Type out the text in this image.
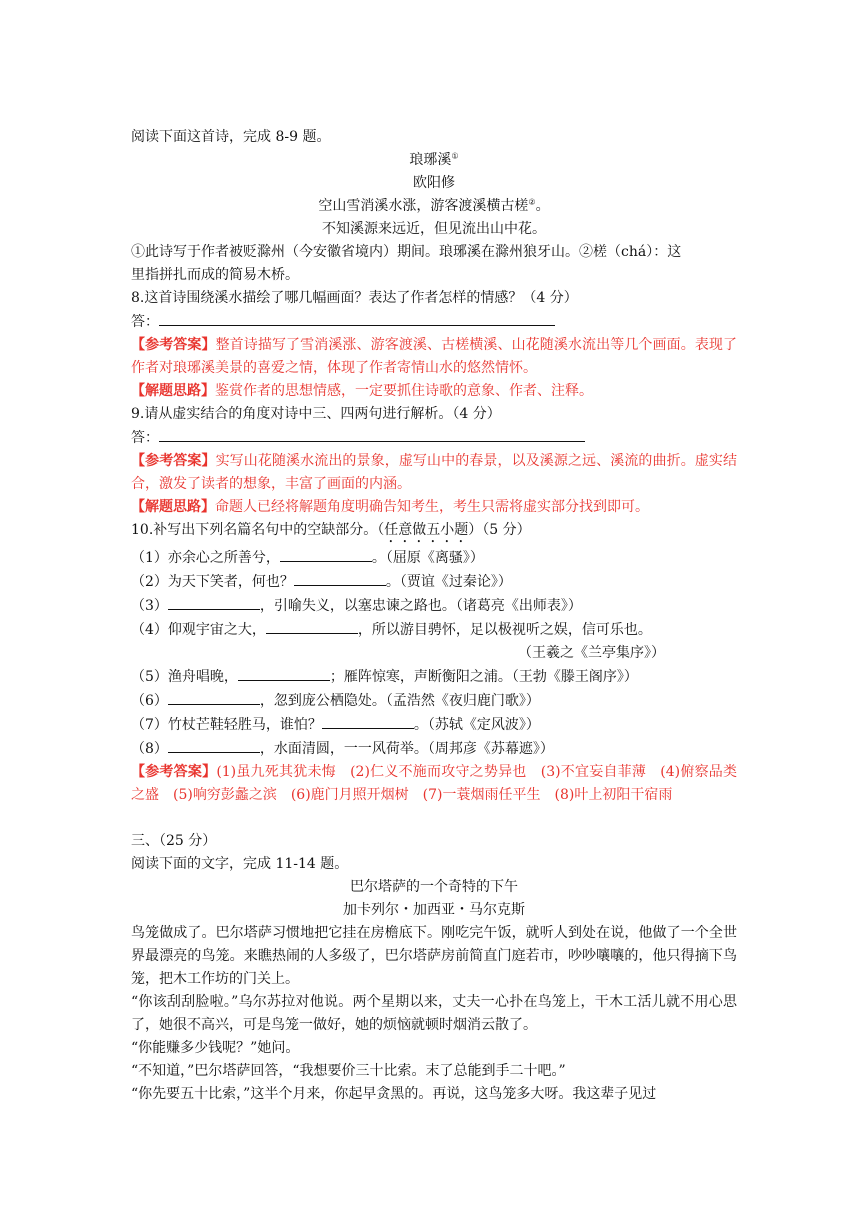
阅读下面这首诗，完成 8-9 题。
琅琊溪①
欧阳修
空山雪消溪水涨，游客渡溪横古槎②。
不知溪源来远近，但见流出山中花。
①此诗写于作者被贬滁州（今安徽省境内）期间。琅琊溪在滁州狼牙山。②槎（chá）：这
里指拼扎而成的简易木桥。
8.这首诗围绕溪水描绘了哪几幅画面？表达了作者怎样的情感？（4 分）
答：
【参考答案】整首诗描写了雪消溪涨、游客渡溪、古槎横溪、山花随溪水流出等几个画面。表现了作者对琅琊溪美景的喜爱之情，体现了作者寄情山水的悠然情怀。
【解题思路】鉴赏作者的思想情感，一定要抓住诗歌的意象、作者、注释。
9.请从虚实结合的角度对诗中三、四两句进行解析。（4 分）
答：
【参考答案】实写山花随溪水流出的景象，虚写山中的春景，以及溪源之远、溪流的曲折。虚实结合，激发了读者的想象，丰富了画面的内涵。
【解题思路】命题人已经将解题角度明确告知考生，考生只需将虚实部分找到即可。
10.补写出下列名篇名句中的空缺部分。（任意做五小题）（5 分）
（1）亦余心之所善兮，	。（屈原《离骚》）
（2）为天下笑者，何也？	。（贾谊《过秦论》）
（3）	，引喻失义，以塞忠谏之路也。（诸葛亮《出师表》）
（4）仰观宇宙之大，	，所以游目骋怀，足以极视听之娱，信可乐也。
（王羲之《兰亭集序》）
（5）渔舟唱晚，	；雁阵惊寒，声断衡阳之浦。（王勃《滕王阁序》）
（6）	，忽到庞公栖隐处。（孟浩然《夜归鹿门歌》）
（7）竹杖芒鞋轻胜马，谁怕？	。（苏轼《定风波》）
（8）	，水面清圆，一一风荷举。（周邦彦《苏幕遮》）
【参考答案】(1)虽九死其犹未悔　(2)仁义不施而攻守之势异也　(3)不宜妄自菲薄　(4)俯察品类之盛　(5)响穷彭蠡之滨　(6)鹿门月照开烟树　(7)一蓑烟雨任平生　(8)叶上初阳干宿雨
三、（25 分）
阅读下面的文字，完成 11-14 题。
巴尔塔萨的一个奇特的下午
加卡列尔・加西亚・马尔克斯
鸟笼做成了。巴尔塔萨习惯地把它挂在房檐底下。刚吃完午饭，就听人到处在说，他做了一个全世界最漂亮的鸟笼。来瞧热闹的人多级了，巴尔塔萨房前简直门庭若市，吵吵嚷嚷的，他只得摘下鸟笼，把木工作坊的门关上。
“你该刮刮脸啦。”乌尔苏拉对他说。两个星期以来，丈夫一心扑在鸟笼上，干木工活儿就不用心思了，她很不高兴，可是鸟笼一做好，她的烦恼就顿时烟消云散了。
“你能赚多少钱呢？”她问。
“不知道，”巴尔塔萨回答，“我想要价三十比索。末了总能到手二十吧。”
“你先要五十比索，”这半个月来，你起早贪黑的。再说，这鸟笼多大呀。我这辈子见过
